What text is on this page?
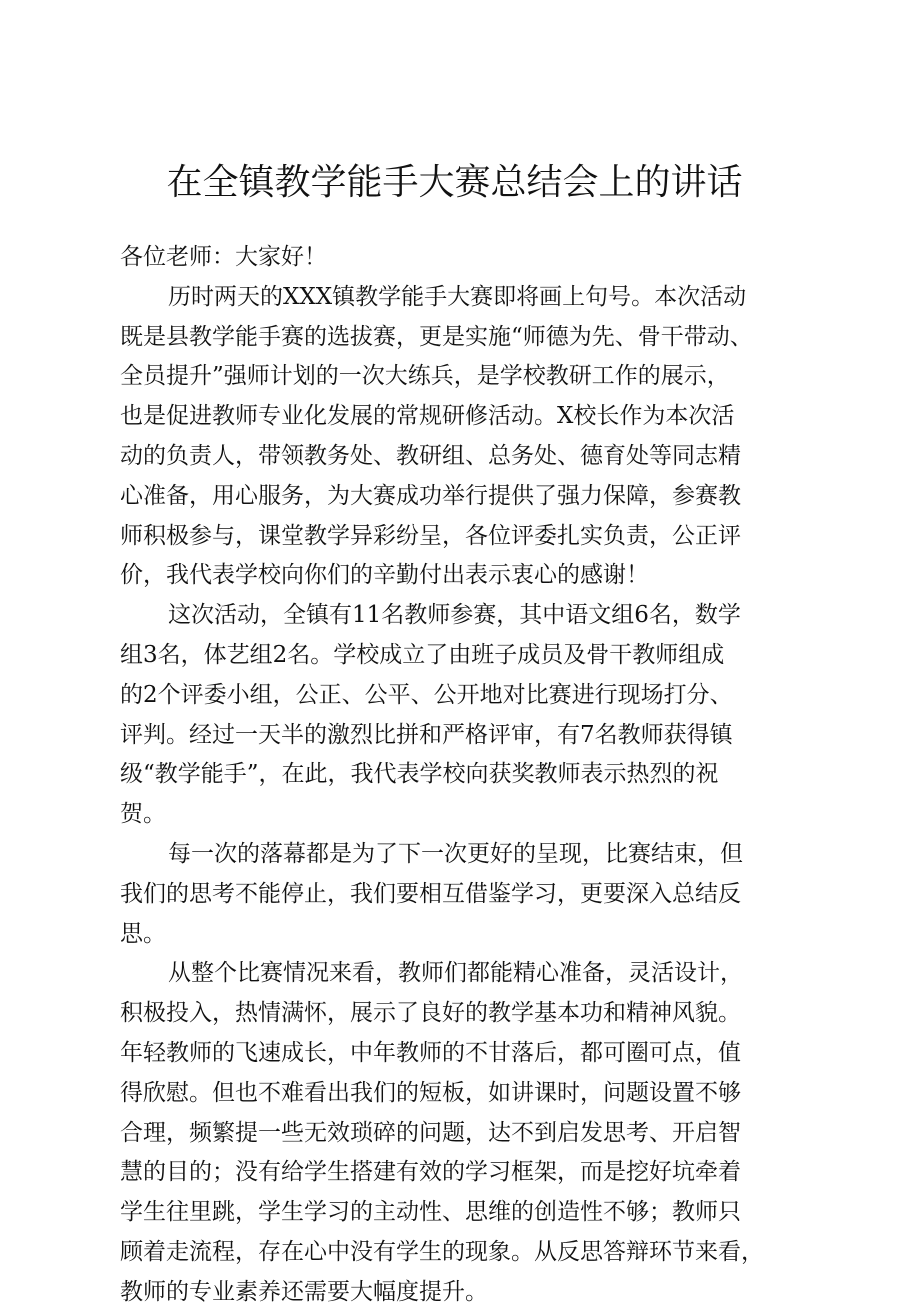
在全镇教学能手大赛总结会上的讲话
各位老师：大家好！
历时两天的XXX镇教学能手大赛即将画上句号。本次活动
既是县教学能手赛的选拔赛，更是实施“师德为先、骨干带动、
全员提升”强师计划的一次大练兵，是学校教研工作的展示，
也是促进教师专业化发展的常规研修活动。X校长作为本次活
动的负责人，带领教务处、教研组、总务处、德育处等同志精
心准备，用心服务，为大赛成功举行提供了强力保障，参赛教
师积极参与，课堂教学异彩纷呈，各位评委扎实负责，公正评
价，我代表学校向你们的辛勤付出表示衷心的感谢！
这次活动，全镇有11名教师参赛，其中语文组6名，数学
组3名，体艺组2名。学校成立了由班子成员及骨干教师组成
的2个评委小组，公正、公平、公开地对比赛进行现场打分、
评判。经过一天半的激烈比拼和严格评审，有7名教师获得镇
级“教学能手”，在此，我代表学校向获奖教师表示热烈的祝
贺。
每一次的落幕都是为了下一次更好的呈现，比赛结束，但
我们的思考不能停止，我们要相互借鉴学习，更要深入总结反
思。
从整个比赛情况来看，教师们都能精心准备，灵活设计，
积极投入，热情满怀，展示了良好的教学基本功和精神风貌。
年轻教师的飞速成长，中年教师的不甘落后，都可圈可点，值
得欣慰。但也不难看出我们的短板，如讲课时，问题设置不够
合理，频繁提一些无效琐碎的问题，达不到启发思考、开启智
慧的目的；没有给学生搭建有效的学习框架，而是挖好坑牵着
学生往里跳，学生学习的主动性、思维的创造性不够；教师只
顾着走流程，存在心中没有学生的现象。从反思答辩环节来看，
教师的专业素养还需要大幅度提升。
